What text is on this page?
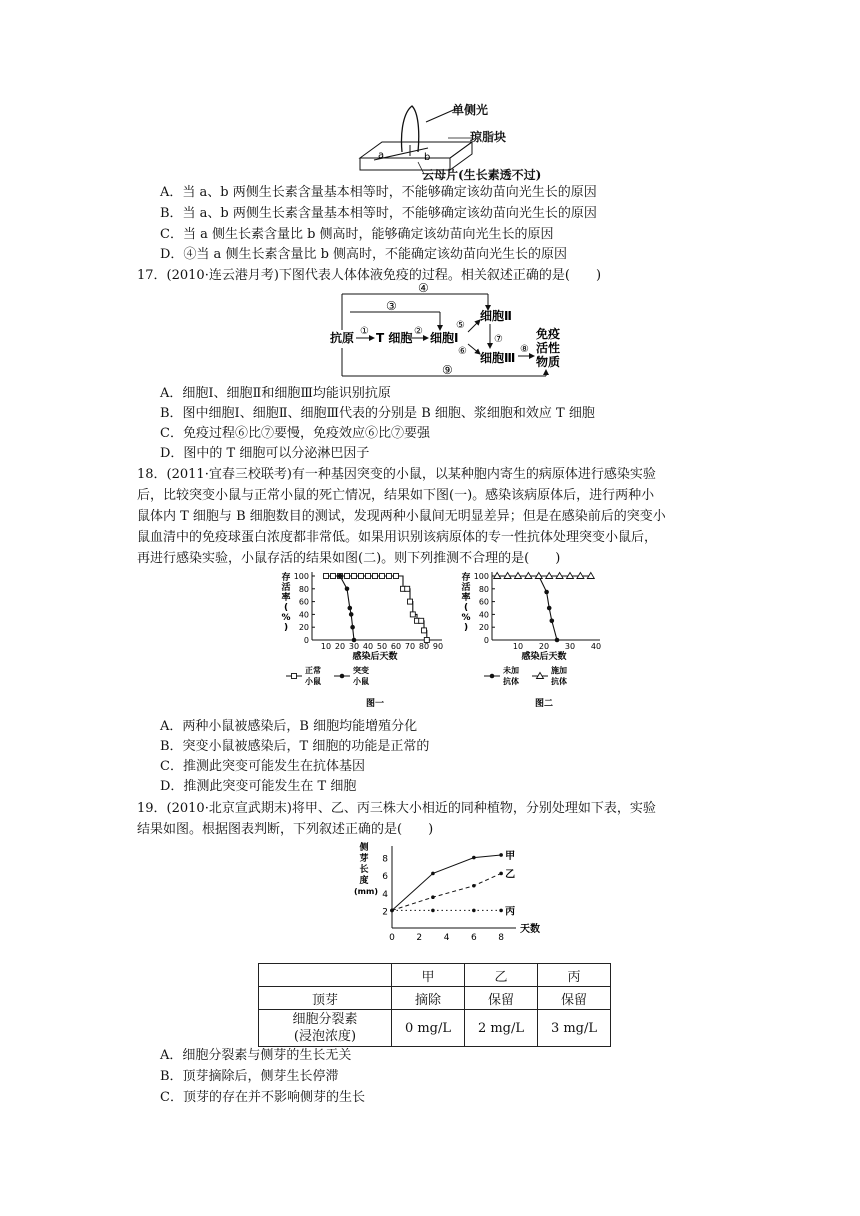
a	b
单侧光
琼脂块
云母片(生长素透不过)
A．当 a、b 两侧生长素含量基本相等时，不能够确定该幼苗向光生长的原因
B．当 a、b 两侧生长素含量基本相等时，不能够确定该幼苗向光生长的原因
C．当 a 侧生长素含量比 b 侧高时，能够确定该幼苗向光生长的原因
D．④当 a 侧生长素含量比 b 侧高时，不能确定该幼苗向光生长的原因
17．(2010·连云港月考)下图代表人体体液免疫的过程。相关叙述正确的是(　　)
④
③
抗原 ① T 细胞 ② 细胞Ⅰ
⑤
⑥
细胞Ⅱ
⑦
细胞Ⅲ
⑧
免疫
活性
物质
⑨
A．细胞Ⅰ、细胞Ⅱ和细胞Ⅲ均能识别抗原
B．图中细胞Ⅰ、细胞Ⅱ、细胞Ⅲ代表的分别是 B 细胞、浆细胞和效应 T 细胞
C．免疫过程⑥比⑦要慢，免疫效应⑥比⑦要强
D．图中的 T 细胞可以分泌淋巴因子
18．(2011·宜春三校联考)有一种基因突变的小鼠，以某种胞内寄生的病原体进行感染实验
后，比较突变小鼠与正常小鼠的死亡情况，结果如下图(一)。感染该病原体后，进行两种小
鼠体内 T 细胞与 B 细胞数目的测试，发现两种小鼠间无明显差异；但是在感染前后的突变小
鼠血清中的免疫球蛋白浓度都非常低。如果用识别该病原体的专一性抗体处理突变小鼠后，
再进行感染实验，小鼠存活的结果如图(二)。则下列推测不合理的是(　　)
0
20
40
60
80
100
10 20 30 40 50 60 70 80 90
存
活
率
(
%
)
感染后天数
正常
小鼠
突变
小鼠
图一
0
20
40
60
80
100
10 20 30 40
存
活
率
(
%
)
感染后天数
未加
抗体
施加
抗体
图二
A．两种小鼠被感染后，B 细胞均能增殖分化
B．突变小鼠被感染后，T 细胞的功能是正常的
C．推测此突变可能发生在抗体基因
D．推测此突变可能发生在 T 细胞
19．(2010·北京宣武期末)将甲、乙、丙三株大小相近的同种植物，分别处理如下表，实验
结果如图。根据图表判断，下列叙述正确的是(　　)
2
4
6
8
0 2 4 6 8
侧
芽
长
度
(mm)
天数
甲
乙
丙
	甲	乙	丙
顶芽	摘除	保留	保留

细胞分裂素
(浸泡浓度)	0 mg/L	2 mg/L	3 mg/L
A．细胞分裂素与侧芽的生长无关
B．顶芽摘除后，侧芽生长停滞
C．顶芽的存在并不影响侧芽的生长
